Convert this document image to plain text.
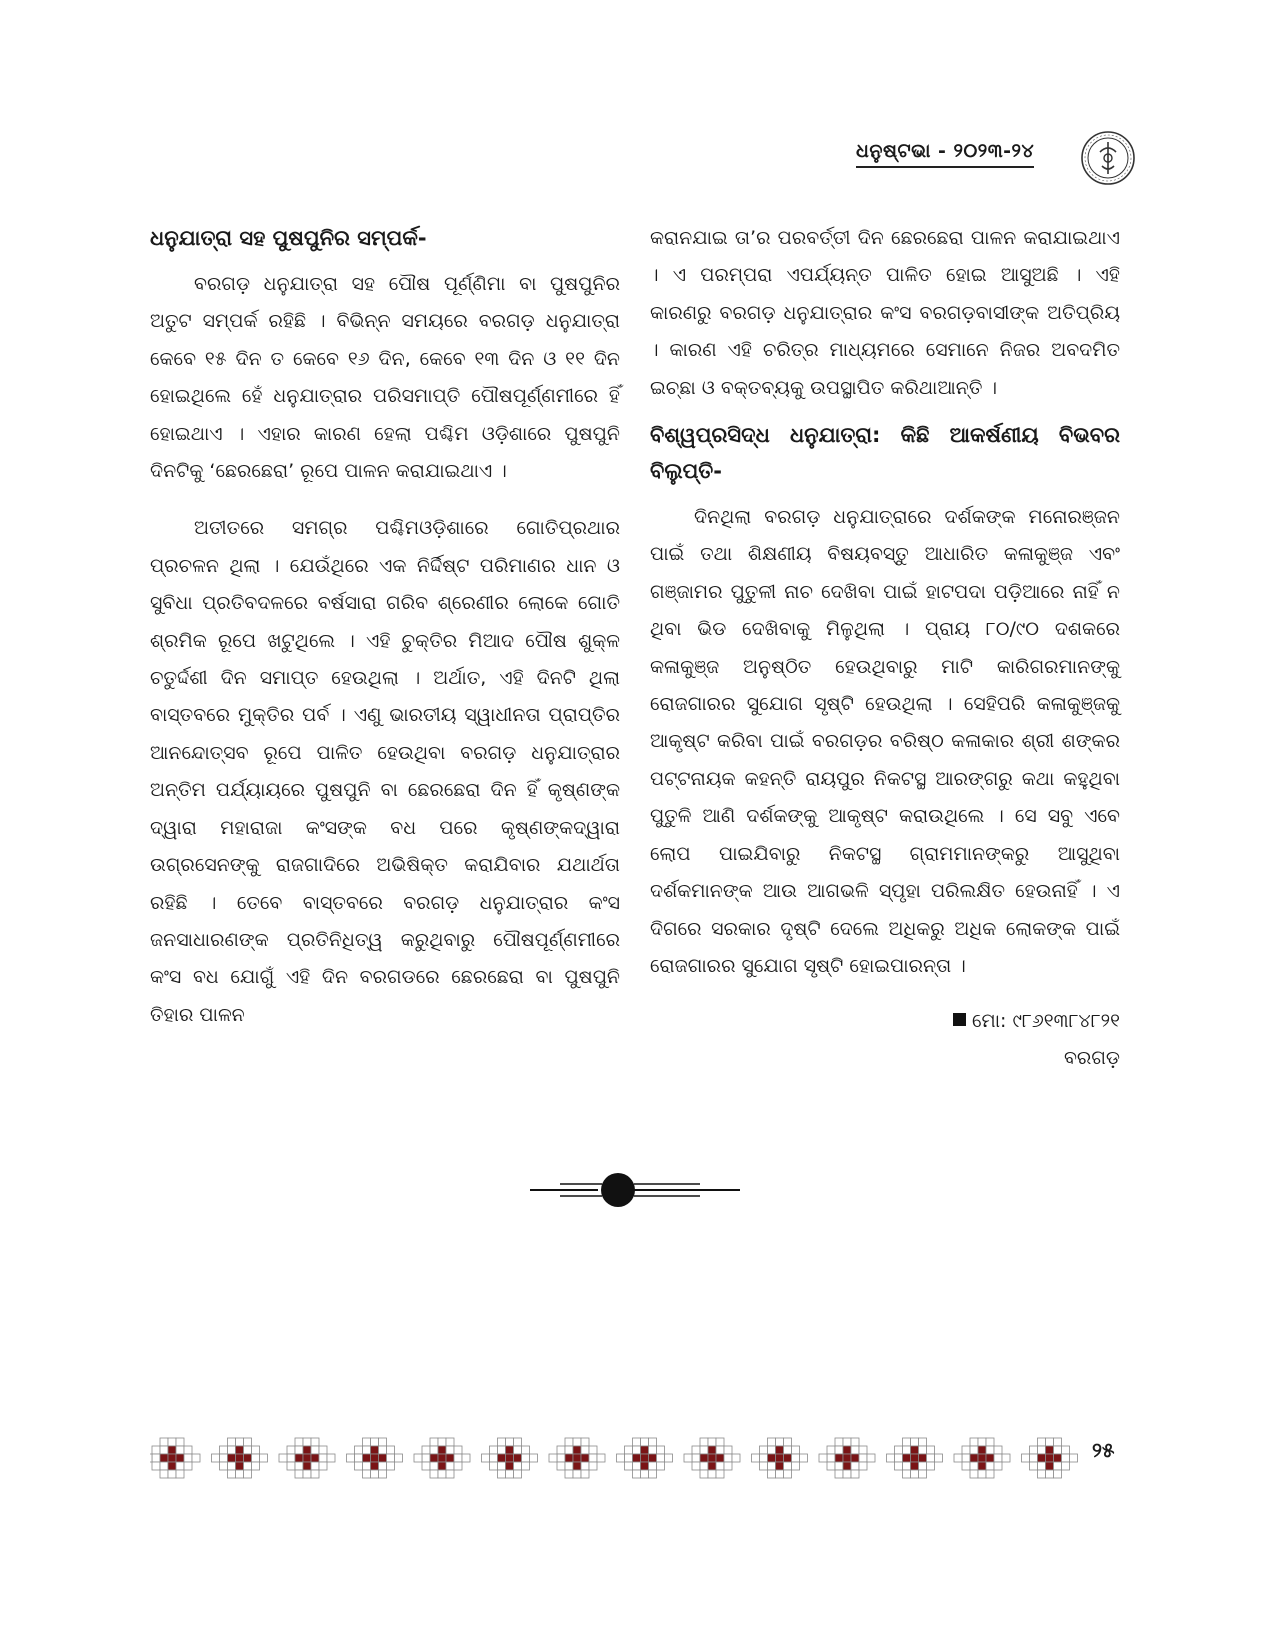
ଧନୁଷ୍ଟଭା - ୨୦୨୩-୨୪
ଧନୁଯାତ୍ରା ସହ ପୁଷପୁନିର ସମ୍ପର୍କ-

ବରଗଡ଼ ଧନୁଯାତ୍ରା ସହ ପୌଷ ପୂର୍ଣ୍ଣିମା ବା ପୁଷପୁନିର ଅତୁଟ ସମ୍ପର୍କ ରହିଛି । ବିଭିନ୍ନ ସମୟରେ ବରଗଡ଼ ଧନୁଯାତ୍ରା କେବେ ୧୫ ଦିନ ତ କେବେ ୧୬ ଦିନ, କେବେ ୧୩ ଦିନ ଓ ୧୧ ଦିନ ହୋଇଥିଲେ ହେଁ ଧନୁଯାତ୍ରାର ପରିସମାପ୍ତି ପୌଷପୂର୍ଣ୍ଣମୀରେ ହିଁ ହୋଇଥାଏ । ଏହାର କାରଣ ହେଲା ପଶ୍ଚିମ ଓଡ଼ିଶାରେ ପୁଷପୁନି ଦିନଟିକୁ ‘ଛେରଛେରା’ ରୂପେ ପାଳନ କରାଯାଇଥାଏ ।

ଅତୀତରେ ସମଗ୍ର ପଶ୍ଚିମଓଡ଼ିଶାରେ ଗୋତିପ୍ରଥାର ପ୍ରଚଳନ ଥିଲା । ଯେଉଁଥିରେ ଏକ ନିର୍ଦ୍ଦିଷ୍ଟ ପରିମାଣର ଧାନ ଓ ସୁବିଧା ପ୍ରତିବଦଳରେ ବର୍ଷସାରା ଗରିବ ଶ୍ରେଣୀର ଲୋକେ ଗୋତି ଶ୍ରମିକ ରୂପେ ଖଟୁଥିଲେ । ଏହି ଚୁକ୍ତିର ମିଆଦ ପୌଷ ଶୁକ୍ଳ ଚତୁର୍ଦ୍ଦଶୀ ଦିନ ସମାପ୍ତ ହେଉଥିଲା । ଅର୍ଥାତ, ଏହି ଦିନଟି ଥିଲା ବାସ୍ତବରେ ମୁକ୍ତିର ପର୍ବ । ଏଣୁ ଭାରତୀୟ ସ୍ୱାଧୀନତା ପ୍ରାପ୍ତିର ଆନନ୍ଦୋତ୍ସବ ରୂପେ ପାଳିତ ହେଉଥିବା ବରଗଡ଼ ଧନୁଯାତ୍ରାର ଅନ୍ତିମ ପର୍ଯ୍ୟାୟରେ ପୁଷପୁନି ବା ଛେରଛେରା ଦିନ ହିଁ କୃଷ୍ଣଙ୍କ ଦ୍ୱାରା ମହାରାଜା କଂସଙ୍କ ବଧ ପରେ କୃଷ୍ଣଙ୍କଦ୍ୱାରା ଉଗ୍ରସେନଙ୍କୁ ରାଜଗାଦିରେ ଅଭିଷିକ୍ତ କରାଯିବାର ଯଥାର୍ଥତା ରହିଛି । ତେବେ ବାସ୍ତବରେ ବରଗଡ଼ ଧନୁଯାତ୍ରାର କଂସ ଜନସାଧାରଣଙ୍କ ପ୍ରତିନିଧିତ୍ୱ କରୁଥିବାରୁ ପୌଷପୂର୍ଣ୍ଣମୀରେ କଂସ ବଧ ଯୋଗୁଁ ଏହି ଦିନ ବରଗଡରେ ଛେରଛେରା ବା ପୁଷପୁନି ତିହାର ପାଳନ

କରାନଯାଇ ତା’ର ପରବର୍ତ୍ତୀ ଦିନ ଛେରଛେରା ପାଳନ କରାଯାଇଥାଏ । ଏ ପରମ୍ପରା ଏପର୍ଯ୍ୟନ୍ତ ପାଳିତ ହୋଇ ଆସୁଅଛି । ଏହି କାରଣରୁ ବରଗଡ଼ ଧନୁଯାତ୍ରାର କଂସ ବରଗଡ଼ବାସୀଙ୍କ ଅତିପ୍ରିୟ । କାରଣ ଏହି ଚରିତ୍ର ମାଧ୍ୟମରେ ସେମାନେ ନିଜର ଅବଦମିତ ଇଚ୍ଛା ଓ ବକ୍ତବ୍ୟକୁ ଉପସ୍ଥାପିତ କରିଥାଆନ୍ତି ।

ବିଶ୍ୱପ୍ରସିଦ୍ଧ ଧନୁଯାତ୍ରା: କିଛି ଆକର୍ଷଣୀୟ ବିଭବର ବିଲୁପ୍ତି-

ଦିନଥିଲା ବରଗଡ଼ ଧନୁଯାତ୍ରାରେ ଦର୍ଶକଙ୍କ ମନୋରଞ୍ଜନ ପାଇଁ ତଥା ଶିକ୍ଷଣୀୟ ବିଷୟବସ୍ତୁ ଆଧାରିତ କଳାକୁଞ୍ଜ ଏବଂ ଗଞ୍ଜାମର ପୁତୁଳୀ ନାଚ ଦେଖିବା ପାଇଁ ହାଟପଦା ପଡ଼ିଆରେ ନାହିଁ ନ ଥିବା ଭିଡ ଦେଖିବାକୁ ମିଳୁଥିଲା । ପ୍ରାୟ ୮୦/୯୦ ଦଶକରେ କଳାକୁଞ୍ଜ ଅନୁଷ୍ଠିତ ହେଉଥିବାରୁ ମାଟି କାରିଗରମାନଙ୍କୁ ରୋଜଗାରର ସୁଯୋଗ ସୃଷ୍ଟି ହେଉଥିଲା । ସେହିପରି କଳାକୁଞ୍ଜକୁ ଆକୃଷ୍ଟ କରିବା ପାଇଁ ବରଗଡ଼ର ବରିଷ୍ଠ କଳାକାର ଶ୍ରୀ ଶଙ୍କର ପଟ୍ଟନାୟକ କହନ୍ତି ରାୟପୁର ନିକଟସ୍ଥ ଆରଙ୍ଗରୁ କଥା କହୁଥିବା ପୁତୁଳି ଆଣି ଦର୍ଶକଙ୍କୁ ଆକୃଷ୍ଟ କରାଉଥିଲେ । ସେ ସବୁ ଏବେ ଲୋପ ପାଇଯିବାରୁ ନିକଟସ୍ଥ ଗ୍ରାମମାନଙ୍କରୁ ଆସୁଥିବା ଦର୍ଶକମାନଙ୍କ ଆଉ ଆଗଭଳି ସ୍ପୃହା ପରିଲକ୍ଷିତ ହେଉନାହିଁ । ଏ ଦିଗରେ ସରକାର ଦୃଷ୍ଟି ଦେଲେ ଅଧିକରୁ ଅଧିକ ଲୋକଙ୍କ ପାଇଁ ରୋଜଗାରର ସୁଯୋଗ ସୃଷ୍ଟି ହୋଇପାରନ୍ତା ।

ମୋ: ୯୮୬୧୩୮୪୮୨୧
ବରଗଡ଼
୨୫
